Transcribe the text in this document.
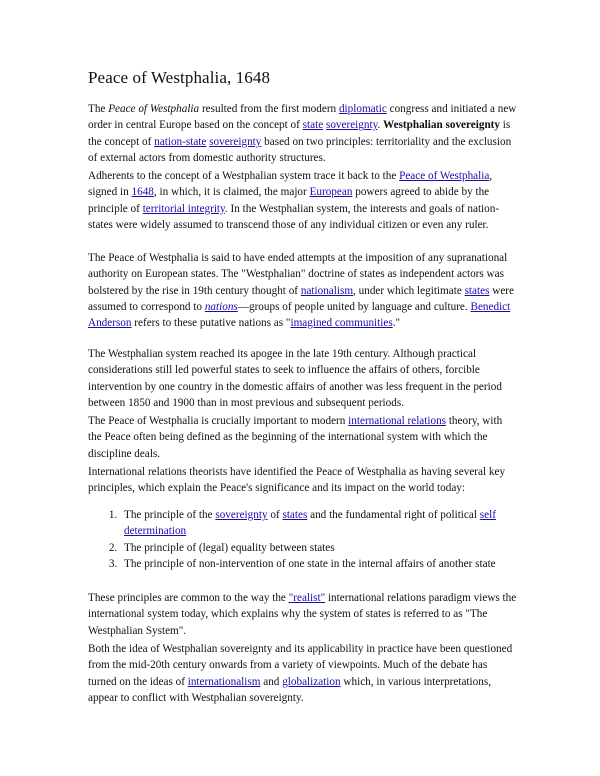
Peace of Westphalia, 1648

The Peace of Westphalia resulted from the first modern diplomatic congress and initiated a new order in central Europe based on the concept of state sovereignty. Westphalian sovereignty is the concept of nation-state sovereignty based on two principles: territoriality and the exclusion of external actors from domestic authority structures.

Adherents to the concept of a Westphalian system trace it back to the Peace of Westphalia, signed in 1648, in which, it is claimed, the major European powers agreed to abide by the principle of territorial integrity. In the Westphalian system, the interests and goals of nation-states were widely assumed to transcend those of any individual citizen or even any ruler.

The Peace of Westphalia is said to have ended attempts at the imposition of any supranational authority on European states. The "Westphalian" doctrine of states as independent actors was bolstered by the rise in 19th century thought of nationalism, under which legitimate states were assumed to correspond to nations—groups of people united by language and culture. Benedict Anderson refers to these putative nations as "imagined communities."

The Westphalian system reached its apogee in the late 19th century. Although practical considerations still led powerful states to seek to influence the affairs of others, forcible intervention by one country in the domestic affairs of another was less frequent in the period between 1850 and 1900 than in most previous and subsequent periods.

The Peace of Westphalia is crucially important to modern international relations theory, with the Peace often being defined as the beginning of the international system with which the discipline deals.

International relations theorists have identified the Peace of Westphalia as having several key principles, which explain the Peace's significance and its impact on the world today:

1. The principle of the sovereignty of states and the fundamental right of political self determination
2. The principle of (legal) equality between states
3. The principle of non-intervention of one state in the internal affairs of another state

These principles are common to the way the "realist" international relations paradigm views the international system today, which explains why the system of states is referred to as "The Westphalian System".

Both the idea of Westphalian sovereignty and its applicability in practice have been questioned from the mid-20th century onwards from a variety of viewpoints. Much of the debate has turned on the ideas of internationalism and globalization which, in various interpretations, appear to conflict with Westphalian sovereignty.
